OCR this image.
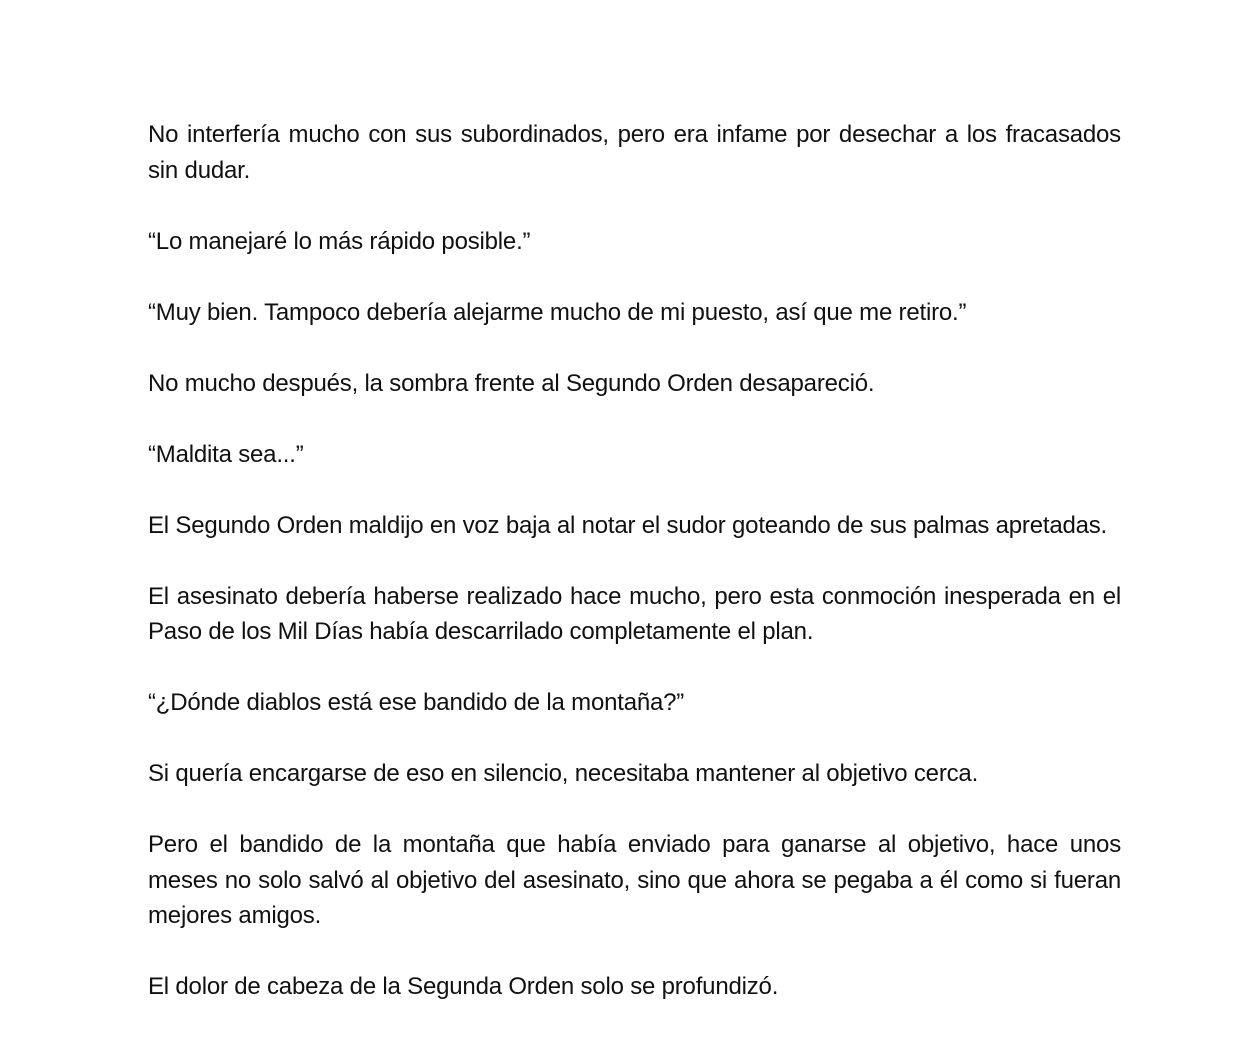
No interfería mucho con sus subordinados, pero era infame por desechar a los fracasados sin dudar.

“Lo manejaré lo más rápido posible.”

“Muy bien. Tampoco debería alejarme mucho de mi puesto, así que me retiro.”

No mucho después, la sombra frente al Segundo Orden desapareció.

“Maldita sea...”

El Segundo Orden maldijo en voz baja al notar el sudor goteando de sus palmas apretadas.

El asesinato debería haberse realizado hace mucho, pero esta conmoción inesperada en el Paso de los Mil Días había descarrilado completamente el plan.

“¿Dónde diablos está ese bandido de la montaña?”

Si quería encargarse de eso en silencio, necesitaba mantener al objetivo cerca.

Pero el bandido de la montaña que había enviado para ganarse al objetivo, hace unos meses no solo salvó al objetivo del asesinato, sino que ahora se pegaba a él como si fueran mejores amigos.

El dolor de cabeza de la Segunda Orden solo se profundizó.
